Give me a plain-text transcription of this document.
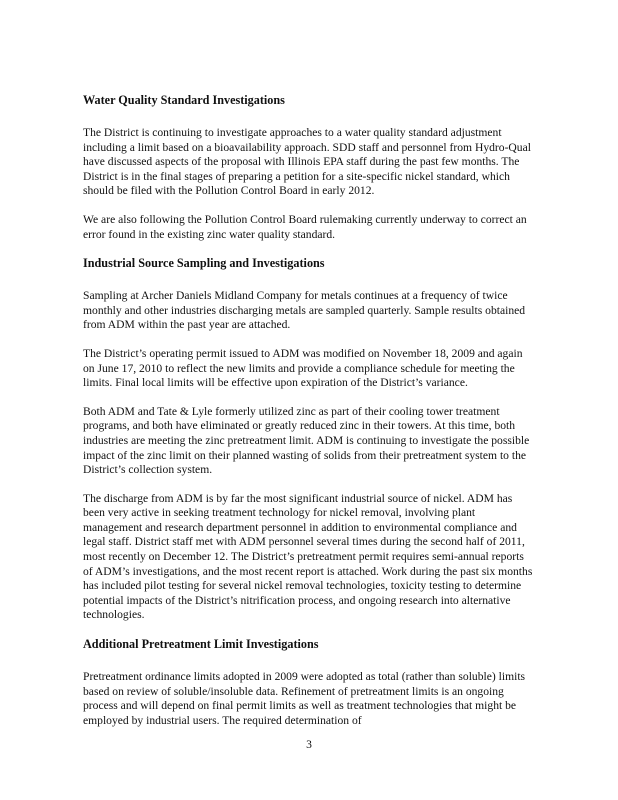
Water Quality Standard Investigations

The District is continuing to investigate approaches to a water quality standard adjustment including a limit based on a bioavailability approach. SDD staff and personnel from Hydro-Qual have discussed aspects of the proposal with Illinois EPA staff during the past few months. The District is in the final stages of preparing a petition for a site-specific nickel standard, which should be filed with the Pollution Control Board in early 2012.

We are also following the Pollution Control Board rulemaking currently underway to correct an error found in the existing zinc water quality standard.

Industrial Source Sampling and Investigations

Sampling at Archer Daniels Midland Company for metals continues at a frequency of twice monthly and other industries discharging metals are sampled quarterly. Sample results obtained from ADM within the past year are attached.

The District’s operating permit issued to ADM was modified on November 18, 2009 and again on June 17, 2010 to reflect the new limits and provide a compliance schedule for meeting the limits. Final local limits will be effective upon expiration of the District’s variance.

Both ADM and Tate & Lyle formerly utilized zinc as part of their cooling tower treatment programs, and both have eliminated or greatly reduced zinc in their towers. At this time, both industries are meeting the zinc pretreatment limit. ADM is continuing to investigate the possible impact of the zinc limit on their planned wasting of solids from their pretreatment system to the District’s collection system.

The discharge from ADM is by far the most significant industrial source of nickel. ADM has been very active in seeking treatment technology for nickel removal, involving plant management and research department personnel in addition to environmental compliance and legal staff. District staff met with ADM personnel several times during the second half of 2011, most recently on December 12. The District’s pretreatment permit requires semi-annual reports of ADM’s investigations, and the most recent report is attached. Work during the past six months has included pilot testing for several nickel removal technologies, toxicity testing to determine potential impacts of the District’s nitrification process, and ongoing research into alternative technologies.

Additional Pretreatment Limit Investigations

Pretreatment ordinance limits adopted in 2009 were adopted as total (rather than soluble) limits based on review of soluble/insoluble data. Refinement of pretreatment limits is an ongoing process and will depend on final permit limits as well as treatment technologies that might be employed by industrial users. The required determination of

3
